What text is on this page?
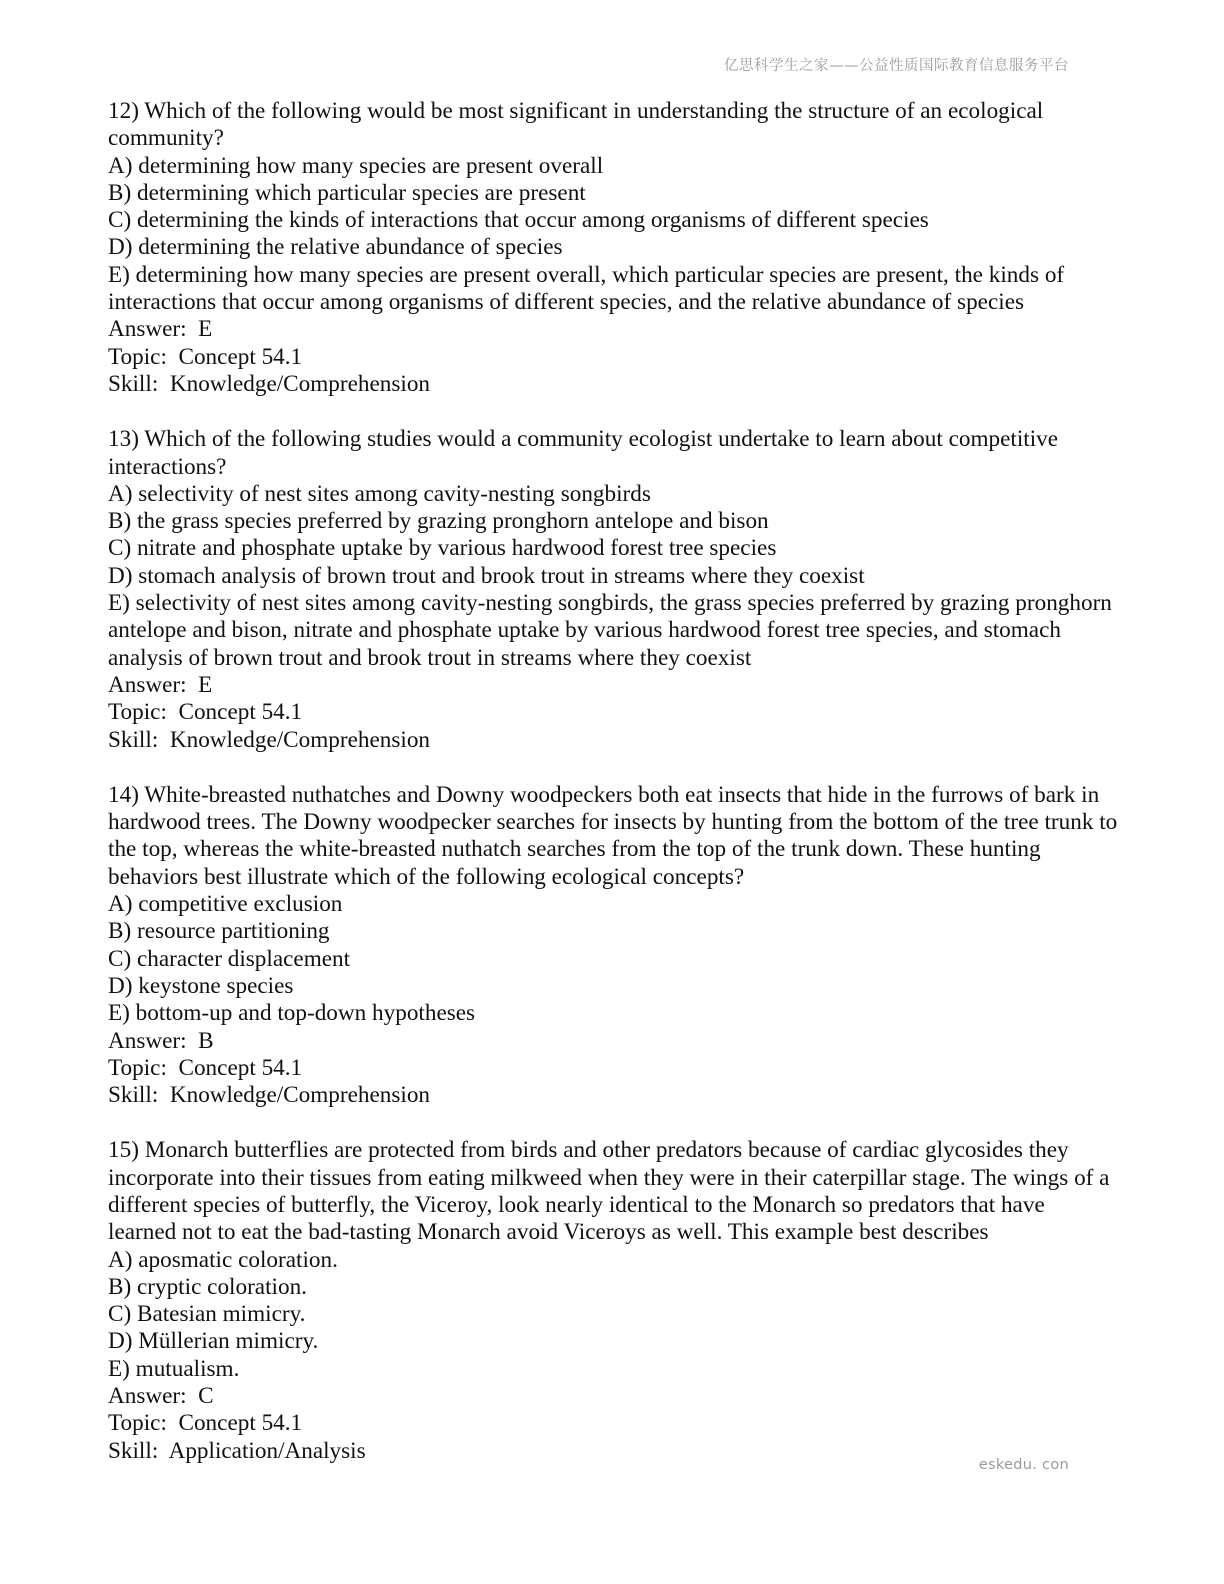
亿思科学生之家——公益性质国际教育信息服务平台
12) Which of the following would be most significant in understanding the structure of an ecological community?
A) determining how many species are present overall
B) determining which particular species are present
C) determining the kinds of interactions that occur among organisms of different species
D) determining the relative abundance of species
E) determining how many species are present overall, which particular species are present, the kinds of interactions that occur among organisms of different species, and the relative abundance of species
Answer:  E
Topic:  Concept 54.1
Skill:  Knowledge/Comprehension
13) Which of the following studies would a community ecologist undertake to learn about competitive interactions?
A) selectivity of nest sites among cavity-nesting songbirds
B) the grass species preferred by grazing pronghorn antelope and bison
C) nitrate and phosphate uptake by various hardwood forest tree species
D) stomach analysis of brown trout and brook trout in streams where they coexist
E) selectivity of nest sites among cavity-nesting songbirds, the grass species preferred by grazing pronghorn antelope and bison, nitrate and phosphate uptake by various hardwood forest tree species, and stomach analysis of brown trout and brook trout in streams where they coexist
Answer:  E
Topic:  Concept 54.1
Skill:  Knowledge/Comprehension
14) White-breasted nuthatches and Downy woodpeckers both eat insects that hide in the furrows of bark in hardwood trees. The Downy woodpecker searches for insects by hunting from the bottom of the tree trunk to the top, whereas the white-breasted nuthatch searches from the top of the trunk down. These hunting behaviors best illustrate which of the following ecological concepts?
A) competitive exclusion
B) resource partitioning
C) character displacement
D) keystone species
E) bottom-up and top-down hypotheses
Answer:  B
Topic:  Concept 54.1
Skill:  Knowledge/Comprehension
15) Monarch butterflies are protected from birds and other predators because of cardiac glycosides they incorporate into their tissues from eating milkweed when they were in their caterpillar stage. The wings of a different species of butterfly, the Viceroy, look nearly identical to the Monarch so predators that have learned not to eat the bad-tasting Monarch avoid Viceroys as well. This example best describes
A) aposmatic coloration.
B) cryptic coloration.
C) Batesian mimicry.
D) Müllerian mimicry.
E) mutualism.
Answer:  C
Topic:  Concept 54.1
Skill:  Application/Analysis
eskedu. con
